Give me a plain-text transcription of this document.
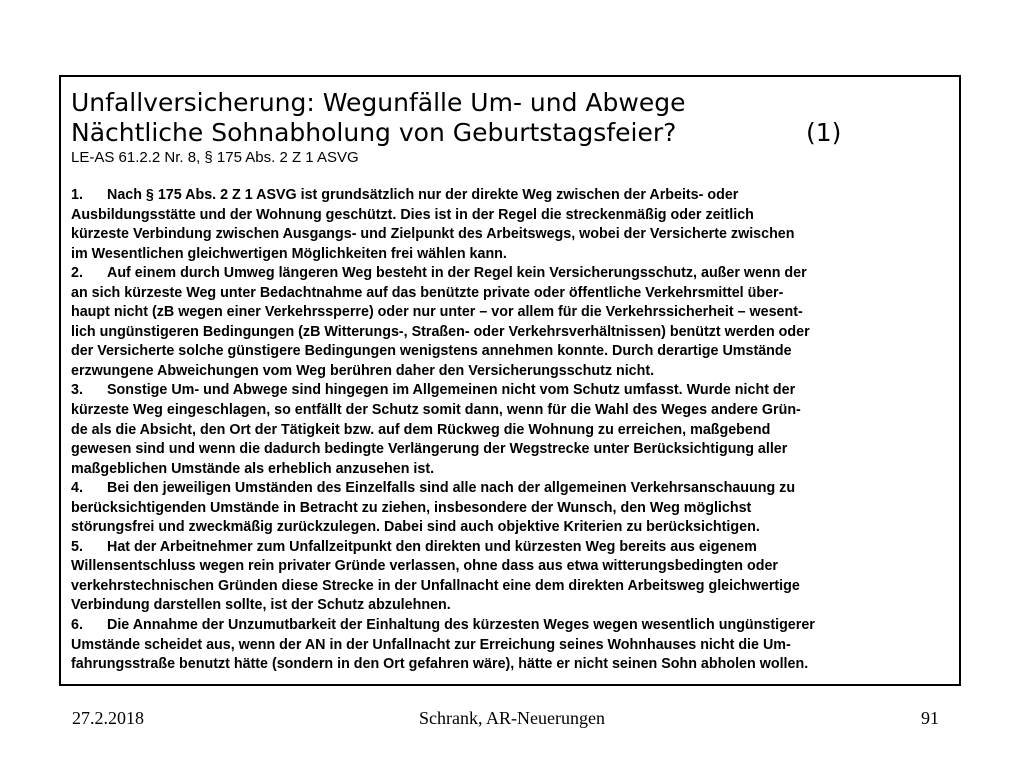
Unfallversicherung: Wegunfälle Um- und Abwege
Nächtliche Sohnabholung von Geburtstagsfeier?	(1)

LE-AS 61.2.2 Nr. 8, § 175 Abs. 2 Z 1 ASVG

1. Nach § 175 Abs. 2 Z 1 ASVG ist grundsätzlich nur der direkte Weg zwischen der Arbeits- oder
Ausbildungsstätte und der Wohnung geschützt. Dies ist in der Regel die streckenmäßig oder zeitlich
kürzeste Verbindung zwischen Ausgangs- und Zielpunkt des Arbeitswegs, wobei der Versicherte zwischen
im Wesentlichen gleichwertigen Möglichkeiten frei wählen kann.
2. Auf einem durch Umweg längeren Weg besteht in der Regel kein Versicherungsschutz, außer wenn der
an sich kürzeste Weg unter Bedachtnahme auf das benützte private oder öffentliche Verkehrsmittel über-
haupt nicht (zB wegen einer Verkehrssperre) oder nur unter – vor allem für die Verkehrssicherheit – wesent-
lich ungünstigeren Bedingungen (zB Witterungs-, Straßen- oder Verkehrsverhältnissen) benützt werden oder
der Versicherte solche günstigere Bedingungen wenigstens annehmen konnte. Durch derartige Umstände
erzwungene Abweichungen vom Weg berühren daher den Versicherungsschutz nicht.
3. Sonstige Um- und Abwege sind hingegen im Allgemeinen nicht vom Schutz umfasst. Wurde nicht der
kürzeste Weg eingeschlagen, so entfällt der Schutz somit dann, wenn für die Wahl des Weges andere Grün-
de als die Absicht, den Ort der Tätigkeit bzw. auf dem Rückweg die Wohnung zu erreichen, maßgebend
gewesen sind und wenn die dadurch bedingte Verlängerung der Wegstrecke unter Berücksichtigung aller
maßgeblichen Umstände als erheblich anzusehen ist.
4. Bei den jeweiligen Umständen des Einzelfalls sind alle nach der allgemeinen Verkehrsanschauung zu
berücksichtigenden Umstände in Betracht zu ziehen, insbesondere der Wunsch, den Weg möglichst
störungsfrei und zweckmäßig zurückzulegen. Dabei sind auch objektive Kriterien zu berücksichtigen.
5. Hat der Arbeitnehmer zum Unfallzeitpunkt den direkten und kürzesten Weg bereits aus eigenem
Willensentschluss wegen rein privater Gründe verlassen, ohne dass aus etwa witterungsbedingten oder
verkehrstechnischen Gründen diese Strecke in der Unfallnacht eine dem direkten Arbeitsweg gleichwertige
Verbindung darstellen sollte, ist der Schutz abzulehnen.
6. Die Annahme der Unzumutbarkeit der Einhaltung des kürzesten Weges wegen wesentlich ungünstigerer
Umstände scheidet aus, wenn der AN in der Unfallnacht zur Erreichung seines Wohnhauses nicht die Um-
fahrungsstraße benutzt hätte (sondern in den Ort gefahren wäre), hätte er nicht seinen Sohn abholen wollen.
27.2.2018	Schrank, AR-Neuerungen	91
